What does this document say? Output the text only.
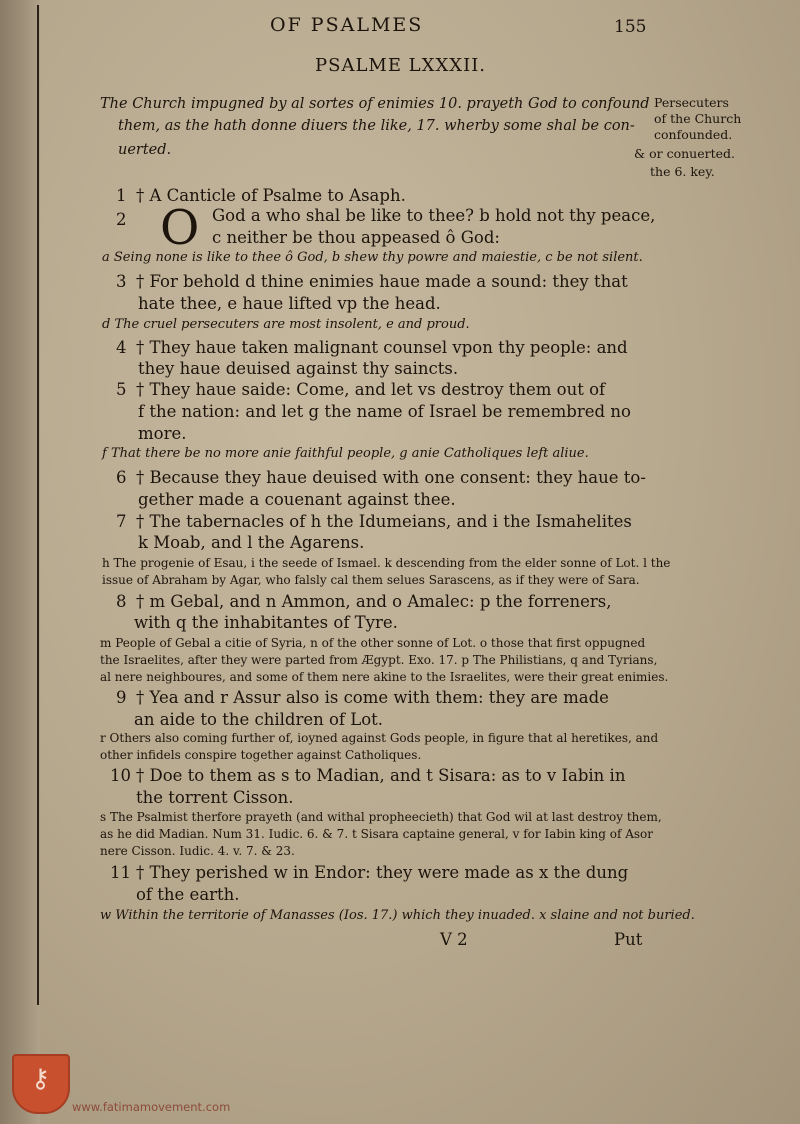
OF PSALMES	155
PSALME LXXXII.
The Church impugned by al sortes of enimies 10. prayeth God to confound
them, as the hath donne diuers the like, 17. wherby some shal be con-
uerted.
Persecuters
of the Church
confounded.
& or conuerted.
the 6. key.
1 † A Canticle of Psalme to Asaph.
2 O God a who shal be like to thee? b hold not thy peace,
c neither be thou appeased ô God:
a Seing none is like to thee ô God, b shew thy powre and maiestie, c be not silent.
3 † For behold d thine enimies haue made a sound: they that
hate thee, e haue lifted vp the head.
d The cruel persecuters are most insolent, e and proud.
4 † They haue taken malignant counsel vpon thy people: and
they haue deuised against thy saincts.
5 † They haue saide: Come, and let vs destroy them out of
f the nation: and let g the name of Israel be remembred no
more.
f That there be no more anie faithful people, g anie Catholiques left aliue.
6 † Because they haue deuised with one consent: they haue to-
gether made a couenant against thee.
7 † The tabernacles of h the Idumeians, and i the Ismahelites
k Moab, and l the Agarens.
h The progenie of Esau, i the seede of Ismael. k descending from the elder sonne of Lot. l the
issue of Abraham by Agar, who falsly cal them selues Sarascens, as if they were of Sara.
8 † m Gebal, and n Ammon, and o Amalec: p the forreners,
with q the inhabitantes of Tyre.
m People of Gebal a citie of Syria, n of the other sonne of Lot. o those that first oppugned
the Israelites, after they were parted from Ægypt. Exo. 17. p The Philistians, q and Tyrians,
al nere neighboures, and some of them nere akine to the Israelites, were their great enimies.
9 † Yea and r Assur also is come with them: they are made
an aide to the children of Lot.
r Others also coming further of, ioyned against Gods people, in figure that al heretikes, and
other infidels conspire together against Catholiques.
10 † Doe to them as s to Madian, and t Sisara: as to v Iabin in
the torrent Cisson.
s The Psalmist therfore prayeth (and withal propheecieth) that God wil at last destroy them,
as he did Madian. Num 31. Iudic. 6. & 7. t Sisara captaine general, v for Iabin king of Asor
nere Cisson. Iudic. 4. v. 7. & 23.
11 † They perished w in Endor: they were made as x the dung
of the earth.
w Within the territorie of Manasses (Ios. 17.) which they inuaded. x slaine and not buried.
V 2	Put
⚷
www.fatimamovement.com
